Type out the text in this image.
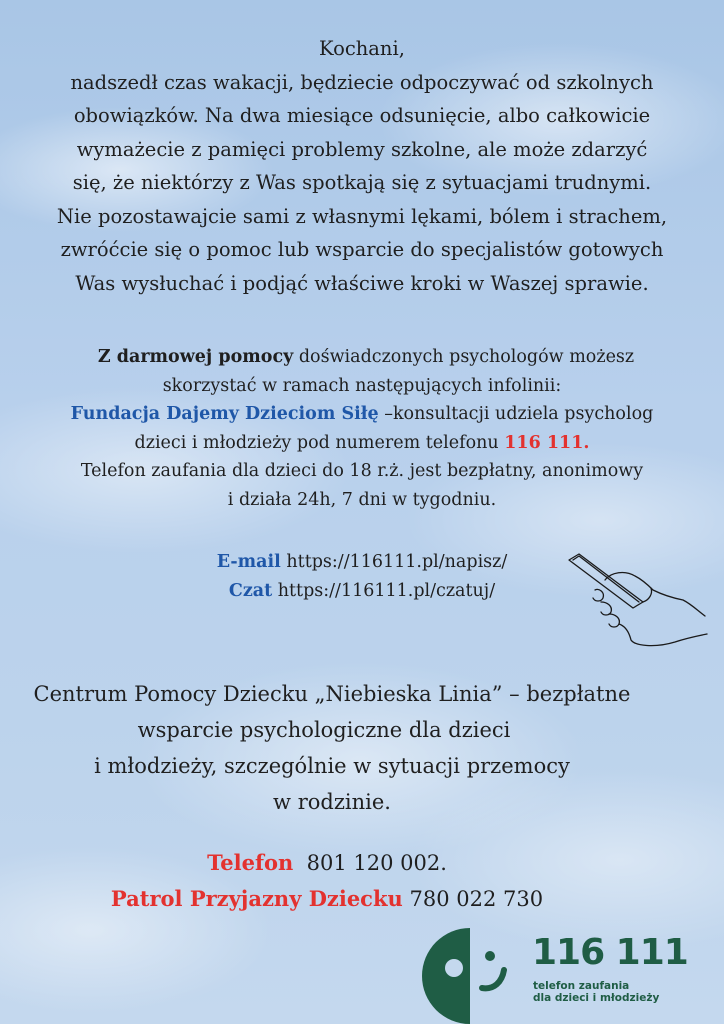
Kochani,
nadszedł czas wakacji, będziecie odpoczywać od szkolnych
obowiązków. Na dwa miesiące odsunięcie, albo całkowicie
wymażecie z pamięci problemy szkolne, ale może zdarzyć
się, że niektórzy z Was spotkają się z sytuacjami trudnymi.
Nie pozostawajcie sami z własnymi lękami, bólem i strachem,
zwróćcie się o pomoc lub wsparcie do specjalistów gotowych
Was wysłuchać i podjąć właściwe kroki w Waszej sprawie.
Z darmowej pomocy doświadczonych psychologów możesz
skorzystać w ramach następujących infolinii:
Fundacja Dajemy Dzieciom Siłę –konsultacji udziela psycholog
dzieci i młodzieży pod numerem telefonu 116 111.
Telefon zaufania dla dzieci do 18 r.ż. jest bezpłatny, anonimowy
i działa 24h, 7 dni w tygodniu.
E-mail https://116111.pl/napisz/
Czat https://116111.pl/czatuj/
Centrum Pomocy Dziecku „Niebieska Linia” – bezpłatne
wsparcie psychologiczne dla dzieci
i młodzieży, szczególnie w sytuacji przemocy
w rodzinie.
Telefon  801 120 002.
Patrol Przyjazny Dziecku 780 022 730
116 111
telefon zaufania
dla dzieci i młodzieży
